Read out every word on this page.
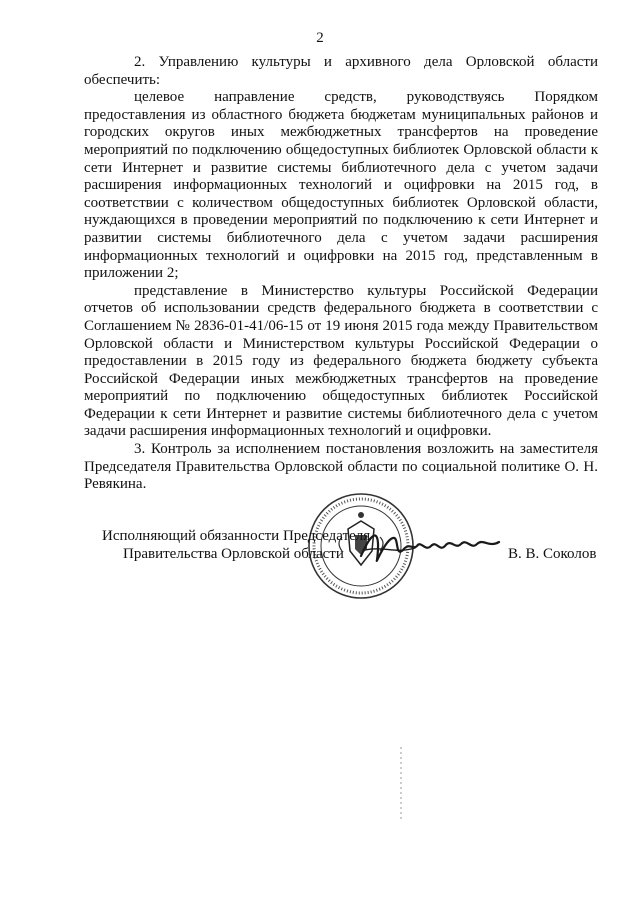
2

2. Управлению культуры и архивного дела Орловской области обеспечить:

целевое направление средств, руководствуясь Порядком предоставления из областного бюджета бюджетам муниципальных районов и городских округов иных межбюджетных трансфертов на проведение мероприятий по подключению общедоступных библиотек Орловской области к сети Интернет и развитие системы библиотечного дела с учетом задачи расширения информационных технологий и оцифровки на 2015 год, в соответствии с количеством общедоступных библиотек Орловской области, нуждающихся в проведении мероприятий по подключению к сети Интернет и развитии системы библиотечного дела с учетом задачи расширения информационных технологий и оцифровки на 2015 год, представленным в приложении 2;

представление в Министерство культуры Российской Федерации отчетов об использовании средств федерального бюджета в соответствии с Соглашением № 2836-01-41/06-15 от 19 июня 2015 года между Правительством Орловской области и Министерством культуры Российской Федерации о предоставлении в 2015 году из федерального бюджета бюджету субъекта Российской Федерации иных межбюджетных трансфертов на проведение мероприятий по подключению общедоступных библиотек Российской Федерации к сети Интернет и развитие системы библиотечного дела с учетом задачи расширения информационных технологий и оцифровки.

3. Контроль за исполнением постановления возложить на заместителя Председателя Правительства Орловской области по социальной политике О. Н. Ревякина.

Исполняющий обязанности Председателя
Правительства Орловской области	В. В. Соколов
